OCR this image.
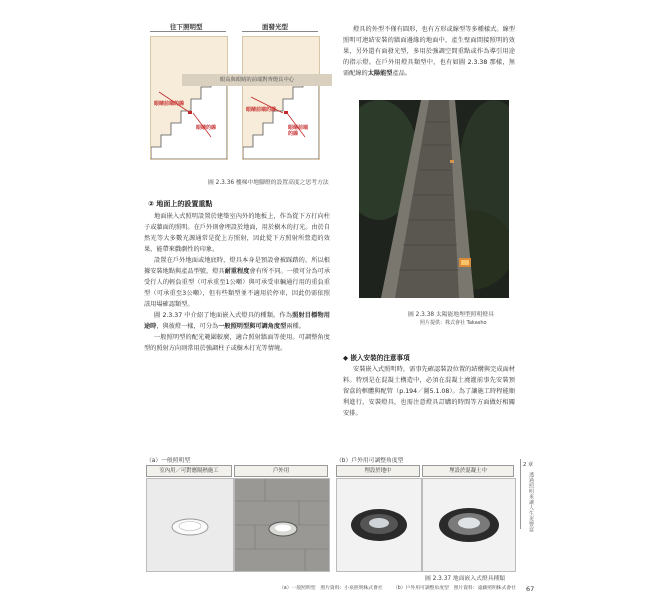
往下照明型	面發光型
眼高與眼睛的前端對齊燈具中心
眼睛前端的線
眼睛的線
眼睛前端的線
眼睛前端的線
圖 2.3.36 樓梯中地腳燈的設置高度之思考方法
② 地面上的設置重點

地面嵌入式照明設置於建築室內外的地板上，作為從下方打向柱子或牆面的照明。在戶外則會埋設於地面，用於樹木的打光。由於自然光等大多數光源通常是從上方照射，因此從下方照射所營造的效果，能帶來戲劇性的印象。

設置在戶外地面或地底時，燈具本身是預設會被踩踏的，所以根據安裝地點與產品型號，燈具耐重程度會有所不同。一般可分為可承受行人的輕負重型（可承重至1公噸）與可承受車輛通行用的重負重型（可承重至3公噸），但有些類型並不適用於停車，因此仍需依照該用場確認類型。

圖 2.3.37 中介紹了地面嵌入式燈具的種類。作為照射目標物用途時，與彼燈一樣，可分為一般照明型與可調角度型兩種。

一般照明型的配光範圍較廣，適合照射牆面等使用。可調整角度型的照射方向則常用於強調柱子或樹木打光等情境。

燈具的外型不僅有圓形，也有方形或線型等多種樣式。線型照明可連結安裝的牆面邊緣的地面中，產生壁面間接照明的效果，另外還有面發光型，多用於強調空間重點或作為導引用途的指示燈。在戶外用燈具類型中，也有如圖 2.3.38 那樣，無需配線的太陽能型產品。

圖 2.3.38 太陽能地埋型照明燈具
照片提供：株式會社 Takasho
◆ 嵌入安裝的注意事項

安裝嵌入式照明時，需事先確認裝設位置的結構與完成面材料。特別是在混凝土構造中，必須在混凝土澆灌前事先安裝預留盒的框體與配管（p.194／圖5.1.08）。為了讓施工時程能順利進行，安裝燈具，也需注意燈具訂購的時間等方面做好相關安排。

（a）一般照明型	（b）戶外用可調整角度型
室內用／可對應隔熱施工	戶外用	埋設於地中	埋設於混凝土中
圖 2.3.37 地面嵌入式燈具種類
（a）一般照明型　照片資料：小泉照明株式會社 （b）戶外用可調整角度型　照片資料：遠藤照明株式會社
2 章
透過照明來讓人生更豐富
67
